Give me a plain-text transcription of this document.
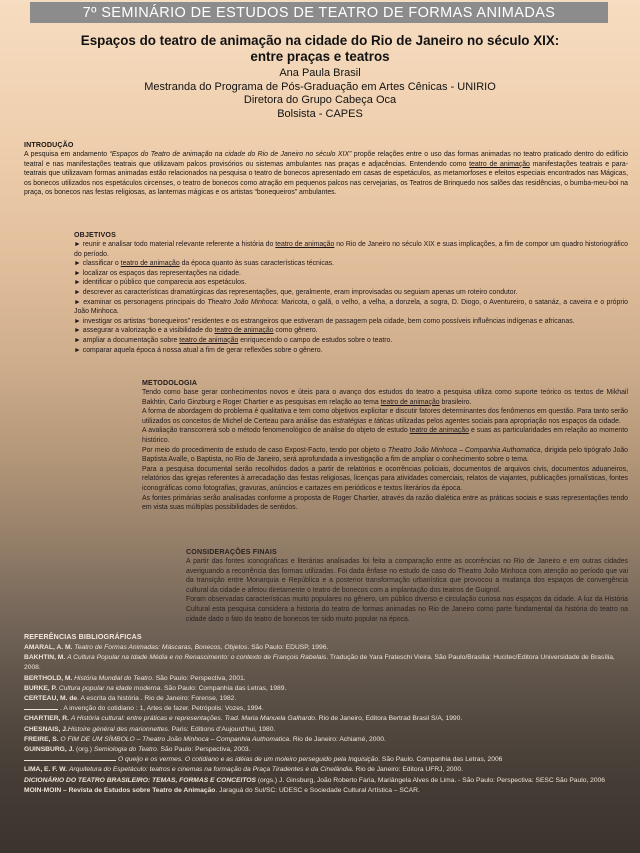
7º SEMINÁRIO DE ESTUDOS DE TEATRO DE FORMAS ANIMADAS
Espaços do teatro de animação na cidade do Rio de Janeiro no século XIX:
entre praças e teatros
Ana Paula Brasil
Mestranda do Programa de Pós-Graduação em Artes Cênicas - UNIRIO
Diretora do Grupo Cabeça Oca
Bolsista - CAPES
INTRODUÇÃO

A pesquisa em andamento “Espaços do Teatro de animação na cidade do Rio de Janeiro no século XIX” propõe relações entre o uso das formas animadas no teatro praticado dentro do edifício teatral e nas manifestações teatrais que utilizavam palcos provisórios ou sistemas ambulantes nas praças e adjacências. Entendendo como teatro de animação manifestações teatrais e para-teatrais que utilizavam formas animadas estão relacionados na pesquisa o teatro de bonecos apresentado em casas de espetáculos, as metamorfoses e efeitos especiais encontrados nas Mágicas, os bonecos utilizados nos espetáculos circenses, o teatro de bonecos como atração em pequenos palcos nas cervejarias, os Teatros de Brinquedo nos salões das residências, o bumba-meu-boi na praça, os bonecos nas festas religiosas, as lanternas mágicas e os artistas “bonequeiros” ambulantes.

OBJETIVOS

► reunir e analisar todo material relevante referente a história do teatro de animação no Rio de Janeiro no século XIX e suas implicações, a fim de compor um quadro historiográfico do período.

► classificar o teatro de animação da época quanto às suas características técnicas.

► localizar os espaços das representações na cidade.

► identificar o público que comparecia aos espetáculos.

► descrever as características dramatúrgicas das representações, que, geralmente, eram improvisadas ou seguiam apenas um roteiro condutor.

► examinar os personagens principais do Theatro João Minhoca: Maricota, o galã, o velho, a velha, a donzela, a sogra, D. Diogo, o Aventureiro, o satanáz, a caveira e o próprio João Minhoca.

► investigar os artistas “bonequeiros” residentes e os estrangeiros que estiveram de passagem pela cidade, bem como possíveis influências indígenas e africanas.

► assegurar a valorização e a visibilidade do teatro de animação como gênero.

► ampliar a documentação sobre teatro de animação enriquecendo o campo de estudos sobre o teatro.

► comparar aquela época á nossa atual a fim de gerar reflexões sobre o gênero.

METODOLOGIA

Tendo como base gerar conhecimentos novos e úteis para o avanço dos estudos do teatro a pesquisa utiliza como suporte teórico os textos de Mikhail Bakhtin, Carlo Ginzburg e Roger Chartier e as pesquisas em relação ao tema teatro de animação brasileiro.

A forma de abordagem do problema é qualitativa e tem como objetivos explicitar e discutir fatores determinantes dos fenômenos em questão. Para tanto serão utilizados os conceitos de Michel de Certeau para análise das estratégias e táticas utilizadas pelos agentes sociais para apropriação nos espaços da cidade.

A avaliação transcorrerá sob o método fenomenológico de análise do objeto de estudo teatro de animação e suas as particularidades em relação ao momento histórico.

Por meio do procedimento de estudo de caso Expost-Facto, tendo por objeto o Theatro João Minhoca – Companhia Authomatica, dirigida pelo tipógrafo João Baptista Avalle, o Baptista, no Rio de Janeiro, será aprofundada a investigação a fim de ampliar o conhecimento sobre o tema.

Para a pesquisa documental serão recolhidos dados a partir de relatórios e ocorrências policiais, documentos de arquivos civis, documentos aduaneiros, relatórios das igrejas referentes à arrecadação das festas religiosas, licenças para atividades comerciais, relatos de viajantes, publicações jornalísticas, fontes iconográficas como fotografias, gravuras, anúncios e cartazes em periódicos e textos literários da época.

As fontes primárias serão analisadas conforme a proposta de Roger Chartier, através da razão dialética entre as práticas sociais e suas representações tendo em vista suas múltiplas possibilidades de sentidos.

CONSIDERAÇÕES FINAIS

A partir das fontes iconográficas e literárias analisadas foi feita a comparação entre as ocorrências no Rio de Janeiro e em outras cidades averiguando a recorrência das formas utilizadas. Foi dada ênfase no estudo de caso do Theatro João Minhoca com atenção ao período que vai da transição entre Monarquia e República e a posterior transformação urbanística que provocou a mudança dos espaços de convergência cultural da cidade e afetou diretamente o teatro de bonecos com a implantação dos teatros de Guignol.

Foram observadas características muito populares no gênero, um público diverso e circulação curiosa nos espaços da cidade. A luz da História Cultural esta pesquisa considera a historia do teatro de formas animadas no Rio de Janeiro como parte fundamental da história do teatro na cidade dado o fato do teatro de bonecos ter sido muito popular na época.

REFERÊNCIAS BIBLIOGRÁFICAS

AMARAL, A. M. Teatro de Formas Animadas: Máscaras, Bonecos, Objetos. São Paulo: EDUSP, 1996.

BAKHTIN, M. A Cultura Popular na Idade Média e no Renascimento: o contexto de François Rabelais. Tradução de Yara Frateschi Vieira. São Paulo/Brasília: Hucitec/Editora Universidade de Brasília, 2008.

BERTHOLD, M. História Mundial do Teatro. São Paulo: Perspectiva, 2001.

BURKE, P. Cultura popular na idade moderna. São Paulo: Companhia das Letras, 1989.

CERTEAU, M. de. A escrita da história . Rio de Janeiro: Forense, 1982.

. A invenção do cotidiano : 1, Artes de fazer. Petrópolis: Vozes, 1994.

CHARTIER, R. A História cultural: entre práticas e representações. Trad. Maria Manuela Galhardo. Rio de Janeiro, Editora Bertrad Brasil S/A, 1990.

CHESNAIS, J.Histoire général des marionnettes. Paris: Editions d’Aujourd’hui, 1980.

FREIRE, S. O FIM DE UM SÍMBOLO – Theatro João Minhoca – Companhia Authomatica. Rio de Janeiro: Achiamé, 2000.

GUINSBURG, J. (org.) Semiologia do Teatro. São Paulo: Perspectiva, 2003.

O queijo e os vermes. O cotidiano e as idéias de um moleiro perseguido pela Inquisição. São Paulo. Companhia das Letras, 2006

LIMA, E. F. W. Arquitetura do Espetáculo: teatros e cinemas na formação da Praça Tiradentes e da Cinelândia. Rio de Janeiro: Editora UFRJ, 2000.

DICIONÁRIO DO TEATRO BRASILEIRO: TEMAS, FORMAS E CONCEITOS (orgs.) J. Ginsburg, João Roberto Faria, Mariângela Alves de Lima. - São Paulo: Perspectiva: SESC São Paulo, 2006

MOIN-MOIN – Revista de Estudos sobre Teatro de Animação. Jaraguá do Sul/SC: UDESC e Sociedade Cultural Artística – SCAR.
